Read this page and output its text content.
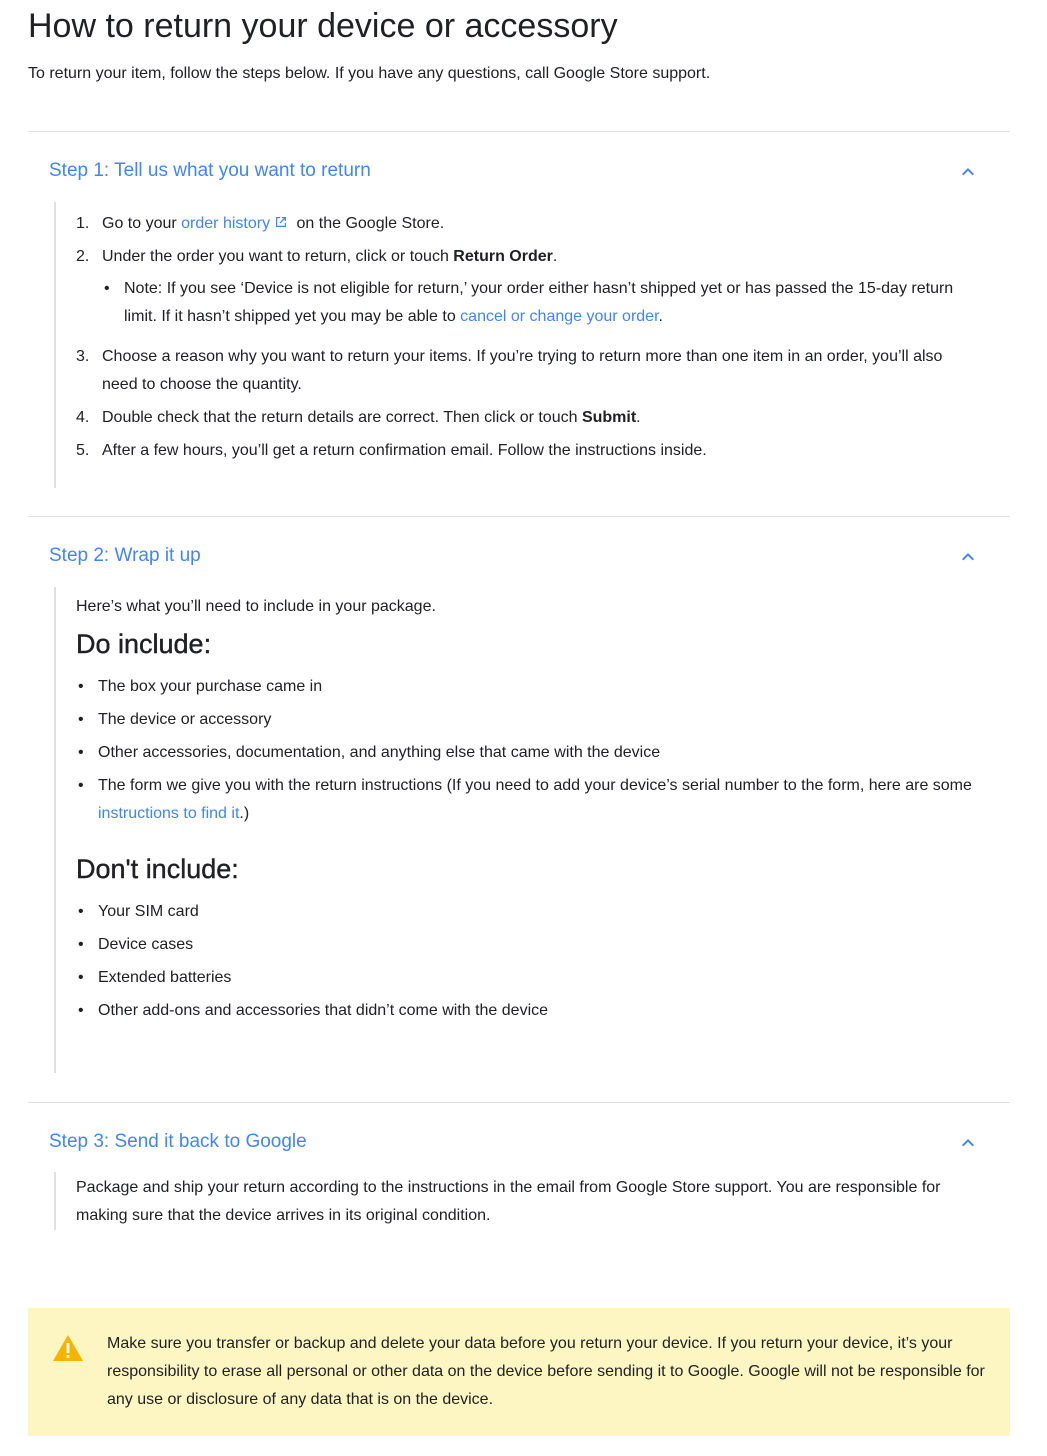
How to return your device or accessory
To return your item, follow the steps below. If you have any questions, call Google Store support.
Step 1: Tell us what you want to return
1. Go to your order history on the Google Store.
2. Under the order you want to return, click or touch Return Order.
• Note: If you see ‘Device is not eligible for return,’ your order either hasn’t shipped yet or has passed the 15-day return limit. If it hasn’t shipped yet you may be able to cancel or change your order.
3. Choose a reason why you want to return your items. If you’re trying to return more than one item in an order, you’ll also need to choose the quantity.
4. Double check that the return details are correct. Then click or touch Submit.
5. After a few hours, you’ll get a return confirmation email. Follow the instructions inside.
Step 2: Wrap it up
Here’s what you’ll need to include in your package.
Do include:
• The box your purchase came in
• The device or accessory
• Other accessories, documentation, and anything else that came with the device
• The form we give you with the return instructions (If you need to add your device’s serial number to the form, here are some instructions to find it.)
Don't include:
• Your SIM card
• Device cases
• Extended batteries
• Other add-ons and accessories that didn’t come with the device
Step 3: Send it back to Google
Package and ship your return according to the instructions in the email from Google Store support. You are responsible for making sure that the device arrives in its original condition.
Make sure you transfer or backup and delete your data before you return your device. If you return your device, it’s your responsibility to erase all personal or other data on the device before sending it to Google. Google will not be responsible for any use or disclosure of any data that is on the device.
